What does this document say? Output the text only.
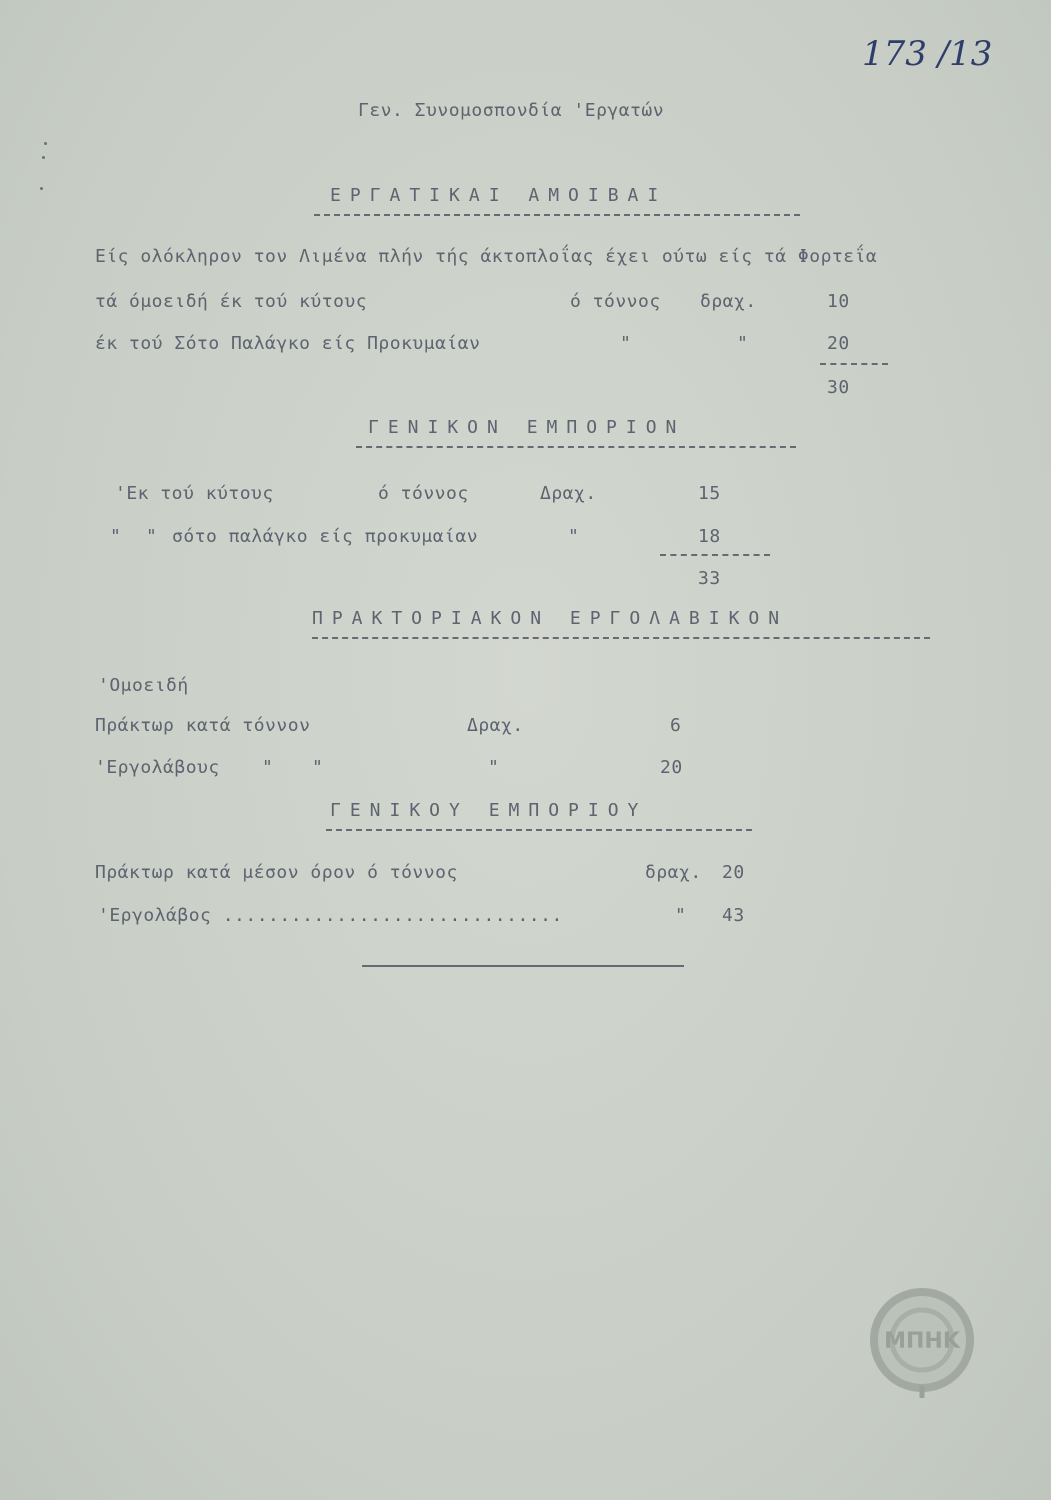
173 /13
Γεν. Συνομοσπονδία 'Εργατών
ΕΡΓΑΤΙΚΑΙ ΑΜΟΙΒΑΙ
Είς ολόκληρον τον Λιμένα πλήν τής άκτοπλοΐας έχει ούτω είς τά Φορτεΐα
τά όμοειδή έκ τού κύτους	ό τόννος δραχ.	10
έκ τού Σότο Παλάγκο είς Προκυμαίαν	"	"	20
30
ΓΕΝΙΚΟΝ ΕΜΠΟΡΙΟΝ
'Εκ τού κύτους	ό τόννος	Δραχ.	15
" " σότο παλάγκο είς προκυμαίαν	"	18
33
ΠΡΑΚΤΟΡΙΑΚΟΝ ΕΡΓΟΛΑΒΙΚΟΝ
'Ομοειδή
Πράκτωρ κατά τόννον	Δραχ.	6
'Εργολάβους " "	"	20
ΓΕΝΙΚΟΥ ΕΜΠΟΡΙΟΥ
Πράκτωρ κατά μέσον όρον ό τόννος	δραχ. 20
'Εργολάβος ..............................	" 43
ΜΠΗΚ
